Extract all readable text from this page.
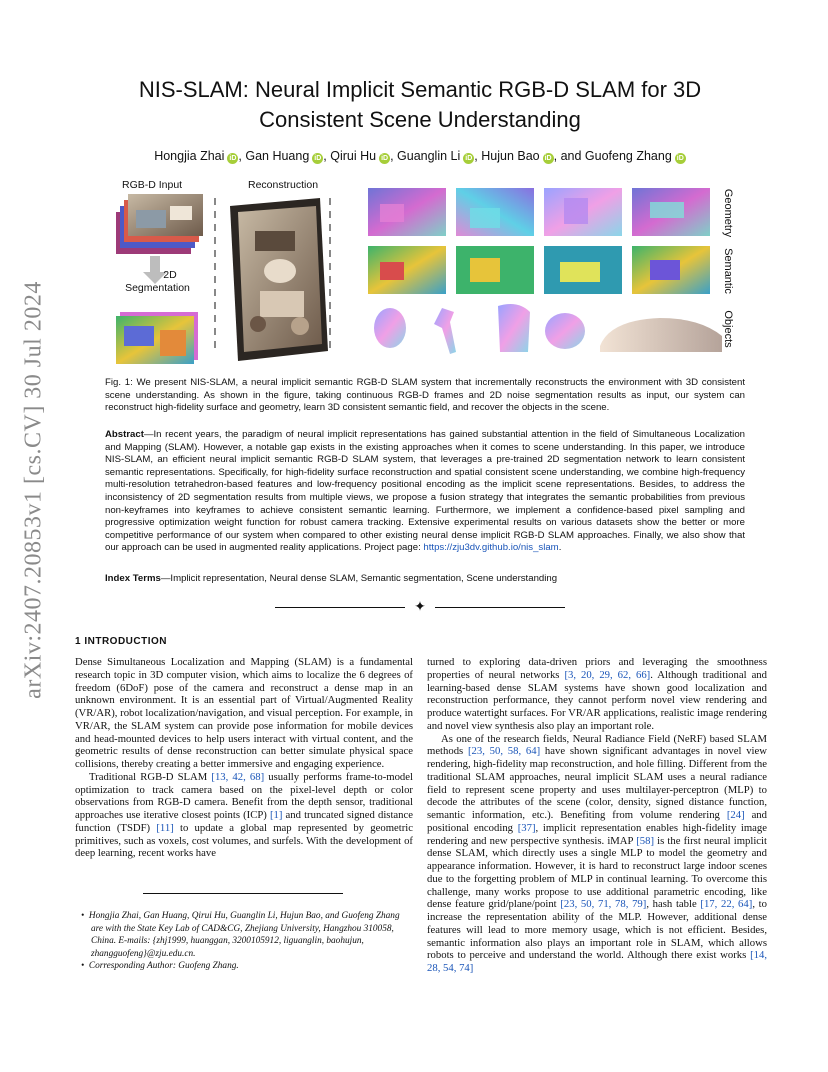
arXiv:2407.20853v1 [cs.CV] 30 Jul 2024
NIS-SLAM: Neural Implicit Semantic RGB-D SLAM for 3D
Consistent Scene Understanding
Hongjia Zhai iD , Gan Huang iD , Qirui Hu iD , Guanglin Li iD , Hujun Bao iD , and Guofeng Zhang iD
RGB-D Input	Reconstruction
2D
Segmentation
Geometry
Semantic
Objects
Fig. 1: We present NIS-SLAM, a neural implicit semantic RGB-D SLAM system that incrementally reconstructs the environment with 3D consistent scene understanding. As shown in the figure, taking continuous RGB-D frames and 2D noise segmentation results as input, our system can reconstruct high-fidelity surface and geometry, learn 3D consistent semantic field, and recover the objects in the scene.
Abstract—In recent years, the paradigm of neural implicit representations has gained substantial attention in the field of Simultaneous Localization and Mapping (SLAM). However, a notable gap exists in the existing approaches when it comes to scene understanding. In this paper, we introduce NIS-SLAM, an efficient neural implicit semantic RGB-D SLAM system, that leverages a pre-trained 2D segmentation network to learn consistent semantic representations. Specifically, for high-fidelity surface reconstruction and spatial consistent scene understanding, we combine high-frequency multi-resolution tetrahedron-based features and low-frequency positional encoding as the implicit scene representations. Besides, to address the inconsistency of 2D segmentation results from multiple views, we propose a fusion strategy that integrates the semantic probabilities from previous non-keyframes into keyframes to achieve consistent semantic learning. Furthermore, we implement a confidence-based pixel sampling and progressive optimization weight function for robust camera tracking. Extensive experimental results on various datasets show the better or more competitive performance of our system when compared to other existing neural dense implicit RGB-D SLAM approaches. Finally, we also show that our approach can be used in augmented reality applications. Project page: https://zju3dv.github.io/nis_slam.
Index Terms—Implicit representation, Neural dense SLAM, Semantic segmentation, Scene understanding
✦
1 INTRODUCTION

Dense Simultaneous Localization and Mapping (SLAM) is a fundamental research topic in 3D computer vision, which aims to localize the 6 degrees of freedom (6DoF) pose of the camera and reconstruct a dense map in an unknown environment. It is an essential part of Virtual/Augmented Reality (VR/AR), robot localization/navigation, and visual perception. For example, in VR/AR, the SLAM system can provide pose information for mobile devices and head-mounted devices to help users interact with virtual content, and the geometric results of dense reconstruction can better simulate physical space collisions, thereby creating a better immersive and engaging experience.

Traditional RGB-D SLAM [13, 42, 68] usually performs frame-to-model optimization to track camera based on the pixel-level depth or color observations from RGB-D camera. Benefit from the depth sensor, traditional approaches use iterative closest points (ICP) [1] and truncated signed distance function (TSDF) [11] to update a global map represented by geometric primitives, such as voxels, cost volumes, and surfels. With the development of deep learning, recent works have

•  Hongjia Zhai, Gan Huang, Qirui Hu, Guanglin Li, Hujun Bao, and Guofeng Zhang are with the State Key Lab of CAD&CG, Zhejiang University, Hangzhou 310058, China. E-mails: {zhj1999, huanggan, 3200105912, liguanglin, baohujun, zhangguofeng}@zju.edu.cn.
•  Corresponding Author: Guofeng Zhang.

turned to exploring data-driven priors and leveraging the smoothness properties of neural networks [3, 20, 29, 62, 66]. Although traditional and learning-based dense SLAM systems have shown good localization and reconstruction performance, they cannot perform novel view rendering and produce watertight surfaces. For VR/AR applications, realistic image rendering and novel view synthesis also play an important role.

As one of the research fields, Neural Radiance Field (NeRF) based SLAM methods [23, 50, 58, 64] have shown significant advantages in novel view rendering, high-fidelity map reconstruction, and hole filling. Different from the traditional SLAM approaches, neural implicit SLAM uses a neural radiance field to represent scene property and uses multilayer-perceptron (MLP) to decode the attributes of the scene (color, density, signed distance function, semantic information, etc.). Benefiting from volume rendering [24] and positional encoding [37], implicit representation enables high-fidelity image rendering and new perspective synthesis. iMAP [58] is the first neural implicit dense SLAM, which directly uses a single MLP to model the geometry and appearance information. However, it is hard to reconstruct large indoor scenes due to the forgetting problem of MLP in continual learning. To overcome this challenge, many works propose to use additional parametric encoding, like dense feature grid/plane/point [23, 50, 71, 78, 79], hash table [17, 22, 64], to increase the representation ability of the MLP. However, additional dense features will lead to more memory usage, which is not efficient. Besides, semantic information also plays an important role in SLAM, which allows robots to perceive and understand the world. Although there exist works [14, 28, 54, 74]
